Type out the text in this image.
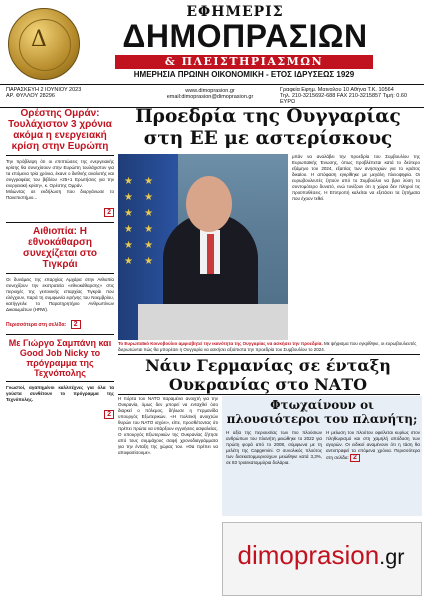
Δ
ΕΦΗΜΕΡΙΣ
ΔΗΜΟΠΡΑΣΙΩΝ
& ΠΛΕΙΣΤΗΡΙΑΣΜΩΝ
ΗΜΕΡΗΣΙΑ ΠΡΩΙΝΗ ΟΙΚΟΝΟΜΙΚΗ - ΕΤΟΣ ΙΔΡΥΣΕΩΣ 1929
ΠΑΡΑΣΚΕΥΗ 2 ΙΟΥΝΙΟΥ 2023
ΑΡ. ΦΥΛΛΟΥ 28296
www.dimoprasion.gr
email:dimoprasion@dimoprasion.gr
Γραφεία Εφημ. Μαιναλου 10 Αθήνα Τ.Κ. 10564
Τηλ. 210-3215692-688 FAX 210-3215857 Τιμή: 0.60 ΕΥΡΩ
Ορέστης Ομράν: Τουλάχιστον 3 χρόνια ακόμα η ενεργειακή κρίση στην Ευρώπη
Την πρόβλεψη ότι οι επιπτώσεις της ενεργειακής κρίσης θα συνεχίσουν στην Ευρώπη τουλάχιστον για τα επόμενα τρία χρόνια, έκανε ο διεθνής αναλυτής και συγγραφέας του βιβλίου «25+1 Ερωτήσεις για την ενεργειακή κρίση», κ. Ορέστης Ομράν.
Μιλώντας σε εκδήλωση που διοργάνωσε το Πανεπιστήμιο...
2
Αιθιοπία: Η εθνοκάθαρση συνεχίζεται στο Τιγκράι
Οι δυνάμεις της επαρχίας Αμχάρα στην Αιθιοπία συνεχίζουν την εκστρατεία «εθνοκάθαρσης» στις περιοχές της γειτονικής επαρχίας Τιγκράι που ελέγχουν, παρά τη συμφωνία ειρήνης του Νοεμβρίου, κατήγγειλε το Παρατηρητήριο Ανθρωπίνων Δικαιωμάτων (HRW).
Περισσότερα στη σελίδα: 2
Με Γιώργο Σαμπάνη και Good Job Nicky το πρόγραμμα της Τεχνόπολης
Γνωστοί, αγαπημένοι καλλιτέχνες για όλα τα γούστα συνθέτουν το πρόγραμμα της Τεχνόπολης.
2
Προεδρία της Ουγγαρίας στη ΕΕ με αστερίσκους
★ ★
★ ★
★ ★
★ ★
★ ★
★ ★
μπάν να αναλάβει την προεδρία του Συμβουλίου της Ευρωπαϊκής Ένωσης, όπως προβλέπεται κατά το δεύτερο εξάμηνο του 2024, εξαιτίας των ανησυχιών για το κράτος δικαίου. Η απόφαση εγκρίθηκε με μεγάλη πλειοψηφία. Οι ευρωβουλευτές ζητούν από το Συμβούλιο να βρει λύση το συντομότερο δυνατό, ενώ τονίζουν ότι η χώρα δεν πληροί τις προϋποθέσεις. Η Επιτροπή καλείται να εξετάσει τα ζητήματα που έχουν τεθεί.
Το Ευρωπαϊκό Κοινοβούλιο αμφισβητεί την ικανότητα της Ουγγαρίας να ασκήσει την προεδρία. Με ψήφισμα που εγκρίθηκε, οι ευρωβουλευτές διερωτώνται πώς θα μπορέσει η Ουγγαρία να ασκήσει αξιόπιστα την προεδρία του Συμβουλίου το 2024.
Νάιν Γερμανίας σε ένταξη Ουκρανίας στο ΝΑΤΟ
Η πόρτα του ΝΑΤΟ παραμένει ανοιχτή για την Ουκρανία, όμως δεν μπορεί να ενταχθεί όσο διαρκεί ο πόλεμος, δήλωσε η Γερμανίδα υπουργός Εξωτερικών. «Η πολιτική ανοιχτών θυρών του ΝΑΤΟ ισχύει», είπε, προσθέτοντας ότι πρέπει πρώτα να υπάρξουν εγγυήσεις ασφαλείας. Ο υπουργός Εξωτερικών της Ουκρανίας ζήτησε από τους συμμάχους σαφή χρονοδιαγράμματα για την ένταξη της χώρας του. «Θα πρέπει να αποφασίσουμε».
Φτωχαίνουν οι πλουσιότεροι του πλανήτη;
Η αξία της περιουσίας των πιο πλούσιων ανθρώπων του πλανήτη μειώθηκε το 2022 για πρώτη φορά από το 2008, σύμφωνα με τη μελέτη της Capgemini. Ο συνολικός πλούτος των δισεκατομμυριούχων μειώθηκε κατά 3,3%, σε 83 τρισεκατομμύρια δολάρια.
Η μείωση του πλούτου οφείλεται κυρίως στον πληθωρισμό και στη χαμηλή απόδοση των αγορών. Οι ειδικοί αναμένουν ότι η τάση θα αντιστραφεί τα επόμενα χρόνια. Περισσότερα στη σελίδα: 2
dimoprasion.gr
